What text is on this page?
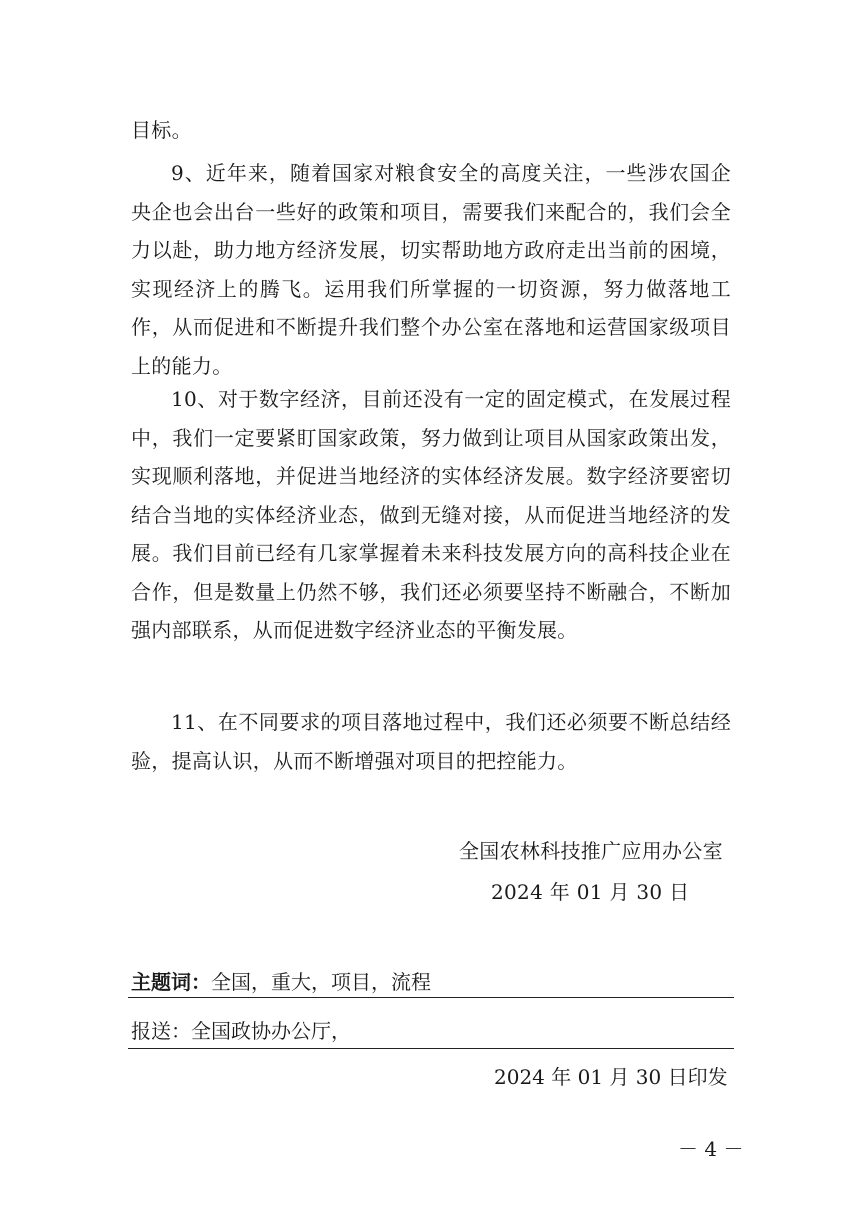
目标。

9、近年来，随着国家对粮食安全的高度关注，一些涉农国企央企也会出台一些好的政策和项目，需要我们来配合的，我们会全力以赴，助力地方经济发展，切实帮助地方政府走出当前的困境，实现经济上的腾飞。运用我们所掌握的一切资源，努力做落地工作，从而促进和不断提升我们整个办公室在落地和运营国家级项目上的能力。

10、对于数字经济，目前还没有一定的固定模式，在发展过程中，我们一定要紧盯国家政策，努力做到让项目从国家政策出发，实现顺利落地，并促进当地经济的实体经济发展。数字经济要密切结合当地的实体经济业态，做到无缝对接，从而促进当地经济的发展。我们目前已经有几家掌握着未来科技发展方向的高科技企业在合作，但是数量上仍然不够，我们还必须要坚持不断融合，不断加强内部联系，从而促进数字经济业态的平衡发展。

11、在不同要求的项目落地过程中，我们还必须要不断总结经验，提高认识，从而不断增强对项目的把控能力。

全国农林科技推广应用办公室

2024 年 01 月 30 日

主题词：全国，重大，项目，流程

报送：全国政协办公厅，

2024 年 01 月 30 日印发

－ 4 －
